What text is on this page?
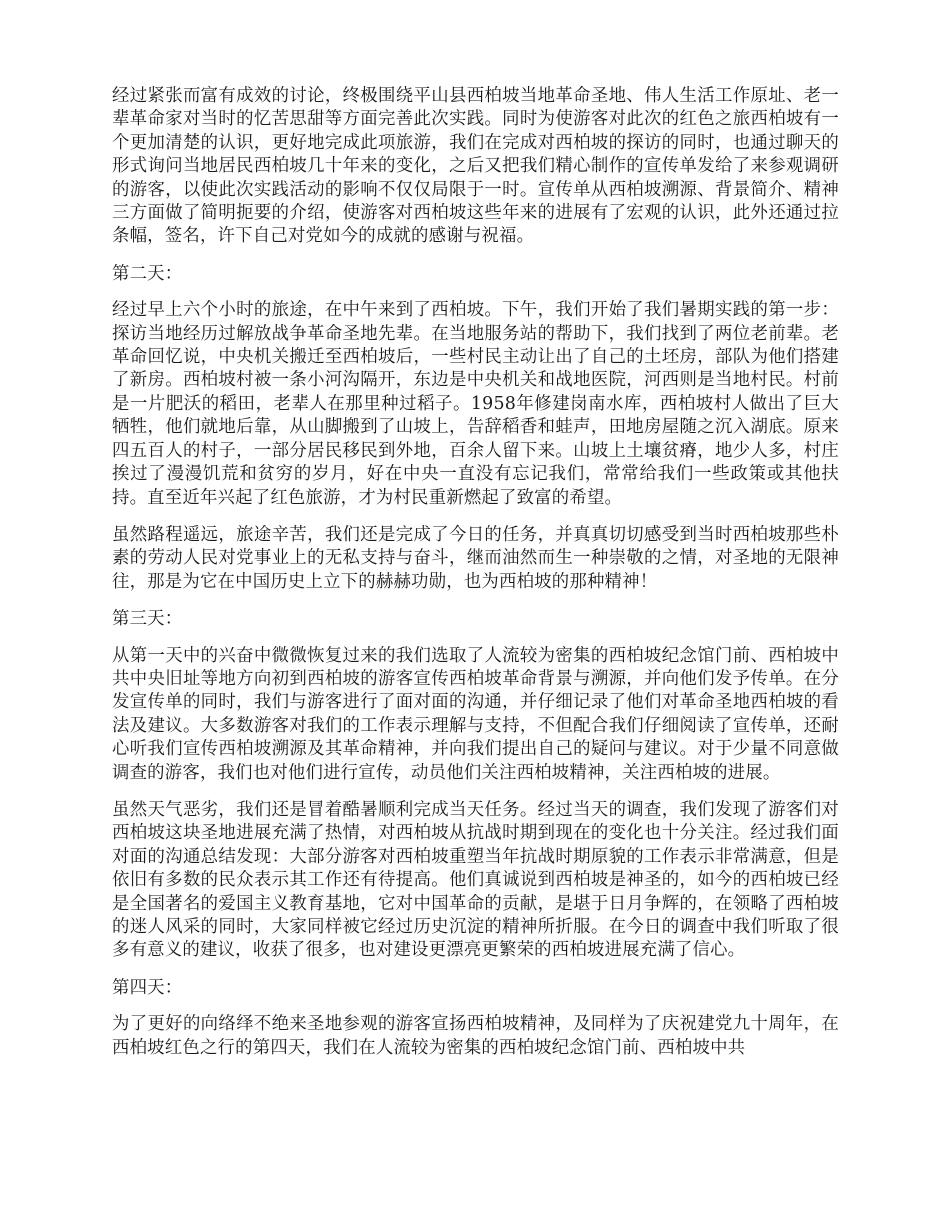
经过紧张而富有成效的讨论，终极围绕平山县西柏坡当地革命圣地、伟人生活工作原址、老一辈革命家对当时的忆苦思甜等方面完善此次实践。同时为使游客对此次的红色之旅西柏坡有一个更加清楚的认识，更好地完成此项旅游，我们在完成对西柏坡的探访的同时，也通过聊天的形式询问当地居民西柏坡几十年来的变化，之后又把我们精心制作的宣传单发给了来参观调研的游客，以使此次实践活动的影响不仅仅局限于一时。宣传单从西柏坡溯源、背景简介、精神三方面做了简明扼要的介绍，使游客对西柏坡这些年来的进展有了宏观的认识，此外还通过拉条幅，签名，许下自己对党如今的成就的感谢与祝福。

第二天：

经过早上六个小时的旅途，在中午来到了西柏坡。下午，我们开始了我们暑期实践的第一步：探访当地经历过解放战争革命圣地先辈。在当地服务站的帮助下，我们找到了两位老前辈。老革命回忆说，中央机关搬迁至西柏坡后，一些村民主动让出了自己的土坯房，部队为他们搭建了新房。西柏坡村被一条小河沟隔开，东边是中央机关和战地医院，河西则是当地村民。村前是一片肥沃的稻田，老辈人在那里种过稻子。1958年修建岗南水库，西柏坡村人做出了巨大牺牲，他们就地后靠，从山脚搬到了山坡上，告辞稻香和蛙声，田地房屋随之沉入湖底。原来四五百人的村子，一部分居民移民到外地，百余人留下来。山坡上土壤贫瘠，地少人多，村庄挨过了漫漫饥荒和贫穷的岁月，好在中央一直没有忘记我们，常常给我们一些政策或其他扶持。直至近年兴起了红色旅游，才为村民重新燃起了致富的希望。

虽然路程遥远，旅途辛苦，我们还是完成了今日的任务，并真真切切感受到当时西柏坡那些朴素的劳动人民对党事业上的无私支持与奋斗，继而油然而生一种崇敬的之情，对圣地的无限神往，那是为它在中国历史上立下的赫赫功勋，也为西柏坡的那种精神！

第三天：

从第一天中的兴奋中微微恢复过来的我们选取了人流较为密集的西柏坡纪念馆门前、西柏坡中共中央旧址等地方向初到西柏坡的游客宣传西柏坡革命背景与溯源，并向他们发予传单。在分发宣传单的同时，我们与游客进行了面对面的沟通，并仔细记录了他们对革命圣地西柏坡的看法及建议。大多数游客对我们的工作表示理解与支持，不但配合我们仔细阅读了宣传单，还耐心听我们宣传西柏坡溯源及其革命精神，并向我们提出自己的疑问与建议。对于少量不同意做调查的游客，我们也对他们进行宣传，动员他们关注西柏坡精神，关注西柏坡的进展。

虽然天气恶劣，我们还是冒着酷暑顺利完成当天任务。经过当天的调查，我们发现了游客们对西柏坡这块圣地进展充满了热情，对西柏坡从抗战时期到现在的变化也十分关注。经过我们面对面的沟通总结发现：大部分游客对西柏坡重塑当年抗战时期原貌的工作表示非常满意，但是依旧有多数的民众表示其工作还有待提高。他们真诚说到西柏坡是神圣的，如今的西柏坡已经是全国著名的爱国主义教育基地，它对中国革命的贡献，是堪于日月争辉的，在领略了西柏坡的迷人风采的同时，大家同样被它经过历史沉淀的精神所折服。在今日的调查中我们听取了很多有意义的建议，收获了很多，也对建设更漂亮更繁荣的西柏坡进展充满了信心。

第四天：

为了更好的向络绎不绝来圣地参观的游客宣扬西柏坡精神，及同样为了庆祝建党九十周年，在西柏坡红色之行的第四天，我们在人流较为密集的西柏坡纪念馆门前、西柏坡中共
